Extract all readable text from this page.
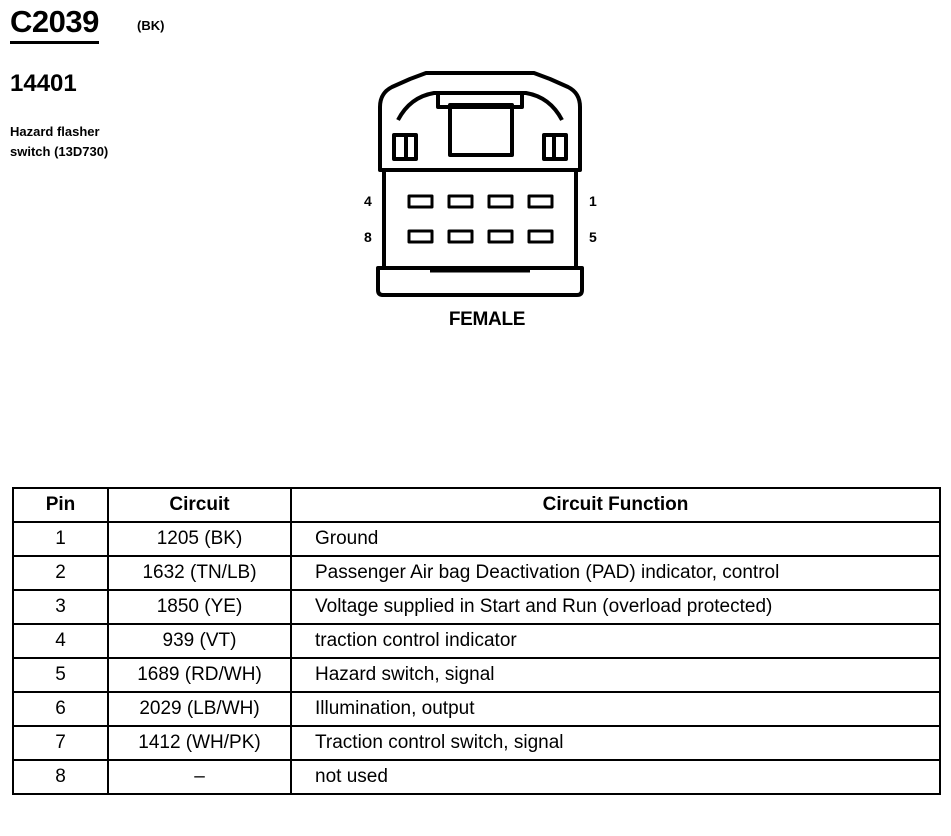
C2039	(BK)
14401
Hazard flasher
switch (13D730)
4	1
8	5
FEMALE
Pin	Circuit	Circuit Function
1	1205 (BK)	Ground
2	1632 (TN/LB)	Passenger Air bag Deactivation (PAD) indicator, control
3	1850 (YE)	Voltage supplied in Start and Run (overload protected)
4	939 (VT)	traction control indicator
5	1689 (RD/WH)	Hazard switch, signal
6	2029 (LB/WH)	Illumination, output
7	1412 (WH/PK)	Traction control switch, signal
8	–	not used
